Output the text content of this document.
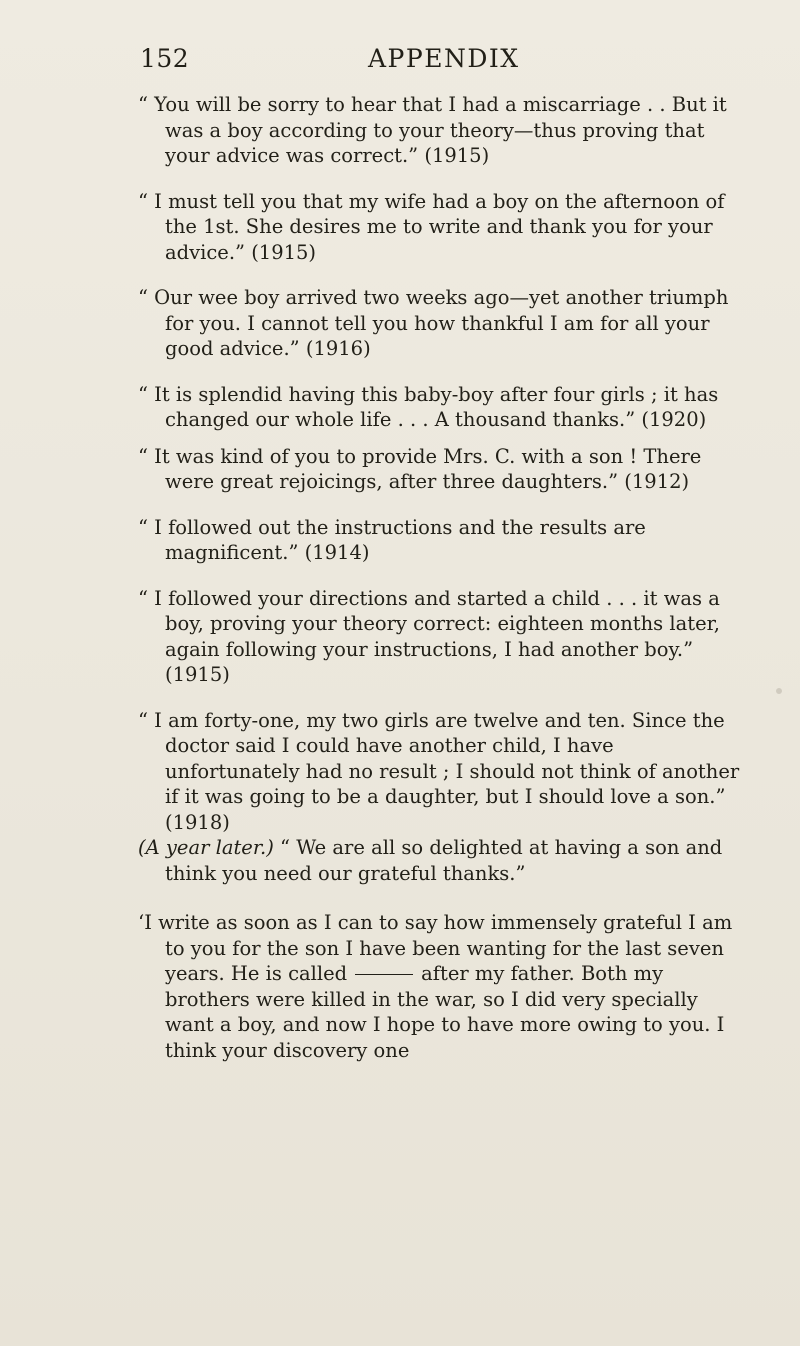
152	APPENDIX

“ You will be sorry to hear that I had a miscarriage . . But it was a boy according to your theory—thus proving that your advice was correct.” (1915)

“ I must tell you that my wife had a boy on the afternoon of the 1st. She desires me to write and thank you for your advice.” (1915)

“ Our wee boy arrived two weeks ago—yet another triumph for you. I cannot tell you how thankful I am for all your good advice.” (1916)

“ It is splendid having this baby-boy after four girls ; it has changed our whole life . . . A thousand thanks.” (1920)

“ It was kind of you to provide Mrs. C. with a son ! There were great rejoicings, after three daughters.” (1912)

“ I followed out the instructions and the results are magnificent.” (1914)

“ I followed your directions and started a child . . . it was a boy, proving your theory correct: eighteen months later, again following your instructions, I had another boy.” (1915)

“ I am forty-one, my two girls are twelve and ten. Since the doctor said I could have another child, I have unfortunately had no result ; I should not think of another if it was going to be a daughter, but I should love a son.” (1918)
(A year later.) “ We are all so delighted at having a son and think you need our grateful thanks.”

‘I write as soon as I can to say how immensely grateful I am to you for the son I have been wanting for the last seven years. He is called	after my father. Both my brothers were killed in the war, so I did very specially want a boy, and now I hope to have more owing to you. I think your discovery one
